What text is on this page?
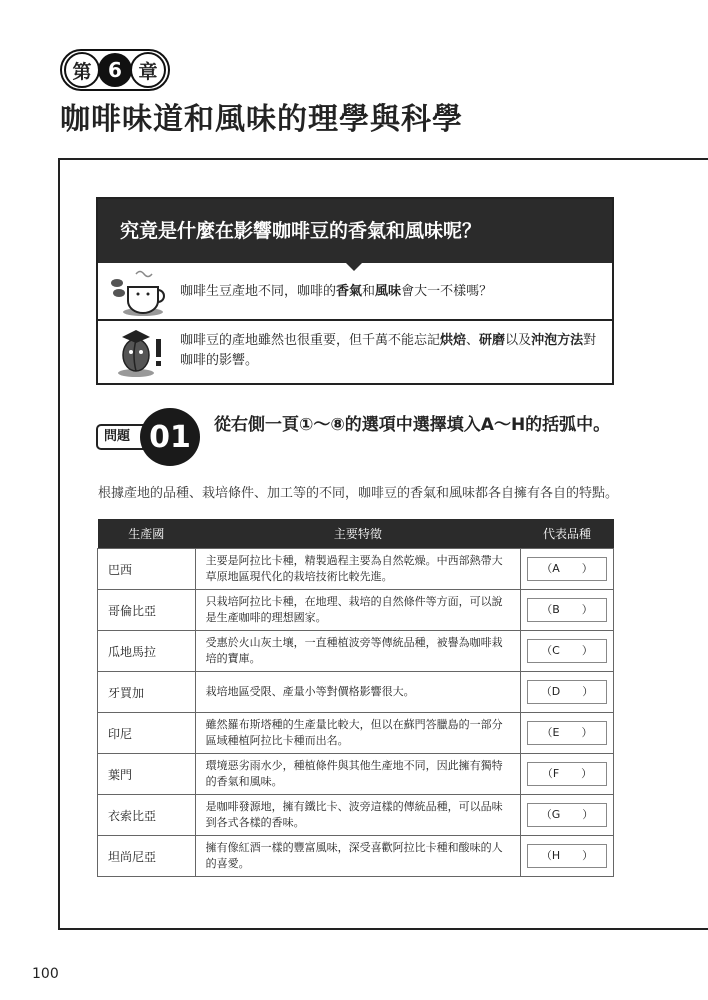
第 6 章
咖啡味道和風味的理學與科學
究竟是什麼在影響咖啡豆的香氣和風味呢？
咖啡生豆產地不同，咖啡的香氣和風味會大一不樣嗎？
咖啡豆的產地雖然也很重要，但千萬不能忘記烘焙、研磨以及沖泡方法對咖啡的影響。
問題 01	從右側一頁①～⑧的選項中選擇填入A～H的括弧中。
根據產地的品種、栽培條件、加工等的不同，咖啡豆的香氣和風味都各自擁有各自的特點。
生產國	主要特徵	代表品種
巴西	主要是阿拉比卡種，精製過程主要為自然乾燥。中西部熱帶大草原地區現代化的栽培技術比較先進。	（A　　）
哥倫比亞	只栽培阿拉比卡種，在地理、栽培的自然條件等方面，可以說是生產咖啡的理想國家。	（B　　）
瓜地馬拉	受惠於火山灰土壤，一直種植波旁等傳統品種，被譽為咖啡栽培的寶庫。	（C　　）
牙買加	栽培地區受限、產量小等對價格影響很大。	（D　　）
印尼	雖然羅布斯塔種的生產量比較大，但以在蘇門答臘島的一部分區域種植阿拉比卡種而出名。	（E　　）
葉門	環境惡劣雨水少，種植條件與其他生產地不同，因此擁有獨特的香氣和風味。	（F　　）
衣索比亞	是咖啡發源地，擁有鐵比卡、波旁這樣的傳統品種，可以品味到各式各樣的香味。	（G　　）
坦尚尼亞	擁有像紅酒一樣的豐富風味，深受喜歡阿拉比卡種和酸味的人的喜愛。	（H　　）
100
